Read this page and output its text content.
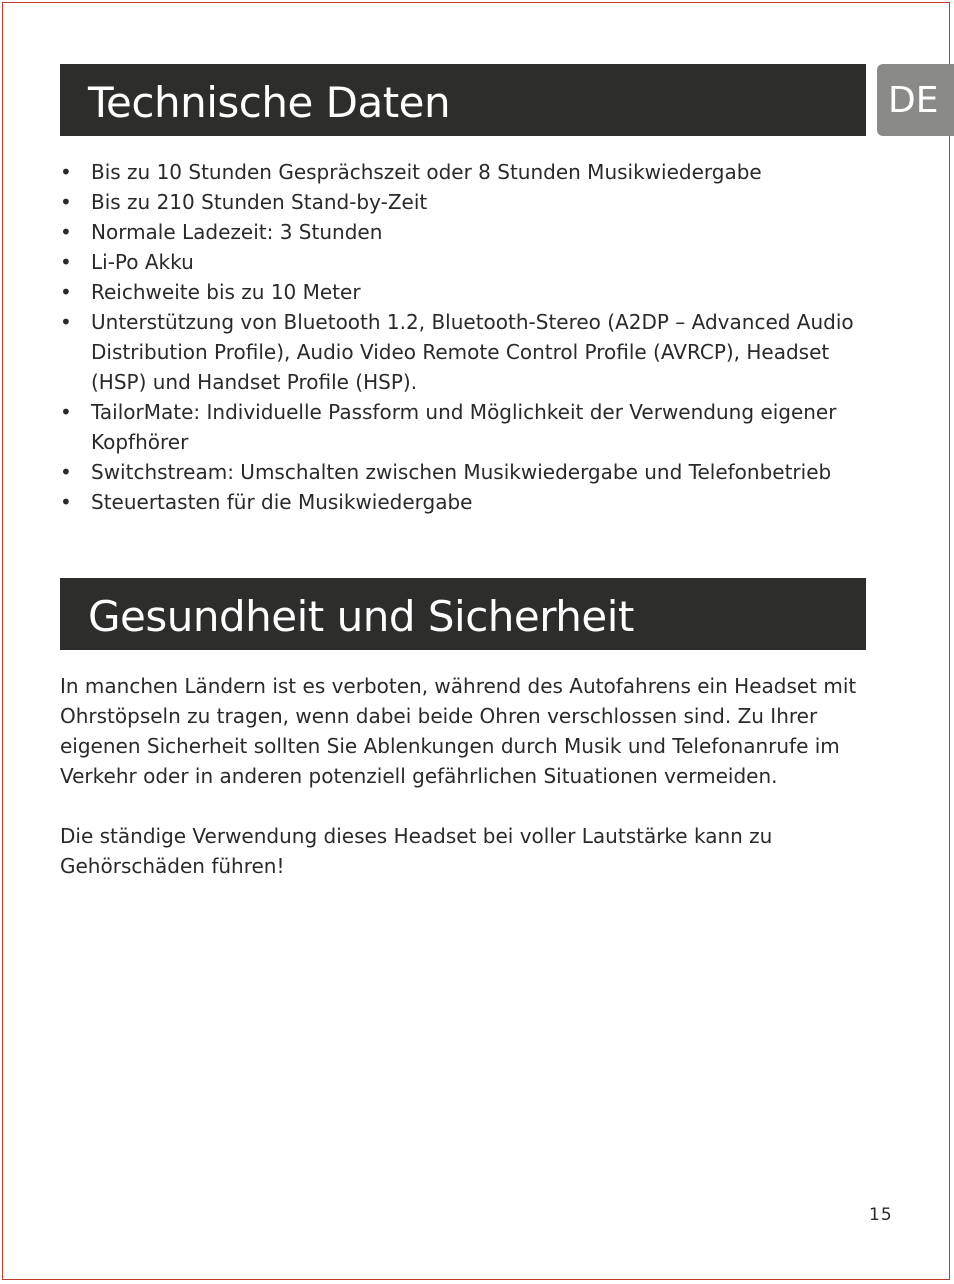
Technische Daten	DE
• Bis zu 10 Stunden Gesprächszeit oder 8 Stunden Musikwiedergabe
• Bis zu 210 Stunden Stand-by-Zeit
• Normale Ladezeit: 3 Stunden
• Li-Po Akku
• Reichweite bis zu 10 Meter
• Unterstützung von Bluetooth 1.2, Bluetooth-Stereo (A2DP – Advanced Audio Distribution Profile), Audio Video Remote Control Profile (AVRCP), Headset (HSP) und Handset Profile (HSP).
• TailorMate: Individuelle Passform und Möglichkeit der Verwendung eigener Kopfhörer
• Switchstream: Umschalten zwischen Musikwiedergabe und Telefonbetrieb
• Steuertasten für die Musikwiedergabe
Gesundheit und Sicherheit

In manchen Ländern ist es verboten, während des Autofahrens ein Headset mit Ohrstöpseln zu tragen, wenn dabei beide Ohren verschlossen sind. Zu Ihrer eigenen Sicherheit sollten Sie Ablenkungen durch Musik und Telefonanrufe im Verkehr oder in anderen potenziell gefährlichen Situationen vermeiden.

Die ständige Verwendung dieses Headset bei voller Lautstärke kann zu Gehörschäden führen!

15
